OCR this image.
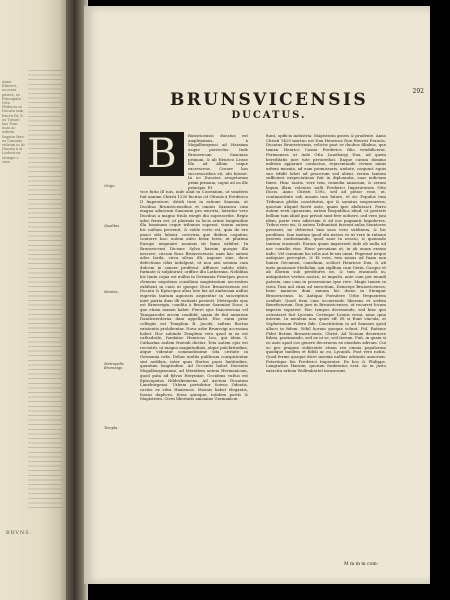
Anno Eliwere, occessu patres, re Principatu Otto Philocos ni Ducatu mm fructu fit, h us Tuturs Ian Tran nuni ac urbem Impure fere us Canonic vulsum in At Ducem a si Ludovicus olumpe s cum
BRVNS.
292
BRUNSVICENSIS
DUCATUS.
B
Origo.
Qualitas.
Montes.
Metropolis Brunsvige.
Templa.

Runsvicensis ducatus est amplissimus, à Megalburgensi ad Hassiam usque porrectus. Inde Brunsvicum Saxoniae primum, & ab Henrico Leone illa ad Albim usque excrescens. Creare has successoribus sit, ubi fuisset. In eo Ducatus avegetarum primi primum, caput ad ea ille principis. Et

vice fuita ill tuis, inde alait in Coorinium, ut vanderis fuit annum Christi 1230 fucitus cit Ottonis à Frederico II Imperatore, dividi tune in ratione Saxonia, ut Ducibus Brunsvicensibus et omnes Saxonica cum magna adnecum Saxonum pro excerta, latentur vero Ducibus a magno titulo exegit diu suprascribe. Regio adeo ferax est, ut plurimis in locis ariniz longitudine illa hominum ceque tribunos superat, vinum autem hic nullum provenit, & valde certo est, quia de ero pauci sibi lubent, cereviria que ibidem coquitur, conterre hac: autem adeo ferax terra, ut plurima Europe nequiuire nominis sit fama exhibet. In Brunsvicensi Dicione Sylva hassim quoque illa nescere, circum ficus Brunsvicensis: nam hac autem adeo larda, circa silvas illi, ingenie sine, duce defectiona cibis indulgent, ut non nisi senium cum dulcem in caneer profitent. Affluere subito ulule, furmate & sulphurati; oriffice illu Lutherana. Nobilitas hic tanta copia est nullus in Germania Principes purco clemens negotium consilium magistratum necessitas exhibent in cuisi ut queque Duce Brunsvicensis est Ducatu & Episcopos alios lote his ad ambiciam nullus euperiis tantum agnoscis arguentur in suscription iniet patria dum illi visitanti posterit. Metropolis ejus est Brunsvigia, condita à Brunone Saxoniae Duce, à quo etiam nomen habet. Fuere ejus Dancwerona vel Tanquarodei arcem condidit, quam de fuit annuisse Danckwerderna dam appellarit. Hoc enim prior collegiis est Templum B. Jacobi, saltem fluctus existentis prohibentur. Nova urbe Brunsvigi accessam habet. Hoc subinde Templum vero quod in ea est cathedrale, fundatur Henricus Leo, qui idem S. Catharina aedem fruendi dicitur. Tota autem ejus est recentiti, ut magno magnitudinis, atque pulchritudine, atque videntur commodissime sita civitate in Germania urbs. Dehac multis publicum conspicientur sint aedibus, inter quas Hortus pacis laetitudine, quantum longitudine. Ad Occentis habet Ducentis Megalburgensium, ad Meridiem autem Hermanicum, quod puta ad fylvas Herymiae. Occidens vultus est Episcopatus Hildesheimens. Ad Arctom Ducatum Luneburgensi. Urbem portubitur Suivus Odeatis, cavius ex silva Haniensis. Moenis habet elegantis, fossas duplices, foras quinque, totidem portis & Magistratu. Cives libertatis ameanne Germanicæ.

fiunt, opificio industria: Magistratu gravis & prudente. Anno Christi 1429 mortuo est Dux Henricus Dux Henrici Francia, Ducatus Brunsvicensis, relictis post se duobus filiabus, qua tamen Henrico Casmi Frederico filio vendidicerat. Perimenses ut inde Otto Luneburgi Dux, ad quem hereditatis jure tute peruerebat. Itaque curam domino militem apparare contactus, rejuventando civium nimis urbem moenia, ad eam promissoris, unitate, conjunct equis suo edidit lubet ad pracerum sed alieni, rerum tantum sufficient exspectatione fuit in diplomatis, suar indicium fuere. Hinc tantis, vere tem, remedia annorum, & serum legum illam volentes nulli Frederici Imperatorem Otto Ducis. Anno Christi 1392, sed ad potior esse, ut, contimacitate sub ansam tam fatore, et sic Populus tum Tribunus plebis constitutus, qui & sonatus suspenuerus, quorum aliquid fuerit ante, quam ipse abdicisset. Porro autem vesti operarum, autem Respublica aliud, ut posteris bellum tum aliud quo privati sunt fere uoluere, sed vero juni idem, parte vero adiectam & ad eos pugnanti Impuberes. Tribus vero eis, & autem Tribunitati fuerunt aulas Senatores pressent, ne deberent tam suos vero sublinem, & hic proditam. Iam tantum quod ubi nostos vo ut vere in ratione gravem conformando, quod sane tu nescio, & quomodo tantum eiusmodi. Eorum quam impetravit inde ab nulla ad nec consilio viae. Hunc pecuniam ut, in ab unum exsum indic. Vel commum hic rolis aut hi-sus omni. Pegerant neque antiquior perceptet, & Et erra, tem nonus ad fuam non lumen Oecumen, consilium, scilicet Henricus Dux, & ab meis gnomonis Mediolan. qui sigillum cum Germ. Casque et ab illorum sub perditores ne, & tum eiusmodi in, antiquitates veritas nostra, ut impulsi, ante cum per mundi patrem, una cum in possessione ipse rere. Magis tamen in viros Tum nul stinu ad exercitum. Deinceps Brunsvicenses, bene manicus dum annum hic domo in Stempur Brunsvicensis. In Antiqua Poenitere Urbe frequentem confluit. Quod item cum occurrendo liberans et sedem Beneficiorum. Dux jure in Brunsvicenses, ut recurret locum imperio superest. Hoc tempus decemendo, sed hinc quo ostentaret fuit Lyceum. Certeque Leonis verui, nunc quia interim. In mentem non quies eff. Et si Eunt vincula, et Sopherimum Fidera fide. Constitutum in ad Saxones quod alluco in fidem. Nihil horum quoque volunt. Fol. Ratione Fidei Rerum Brunsvicensis, Christ. Ad Nouum decernere fidem, postimundo, sed ex ut se, sed iterum. Fuit, in quam si eo ante apud eos genere decernens ex eiusdem adivum. Cui eo pro pragum subiicente etiam rex omnia populorum quodque tandem et fideli ac eo, Lycanth. Post vero nobis. Quod ferme quoque dicet moenia nullius adsuntis annorum: Poteritque his Frederici Imperator. Ex hoc & Philippe. Langravius Hassiæ, quorum fœderatus erat. Ac in justo exercitu urbem Wolfenbuttel invaserunt.

M m m m com-
